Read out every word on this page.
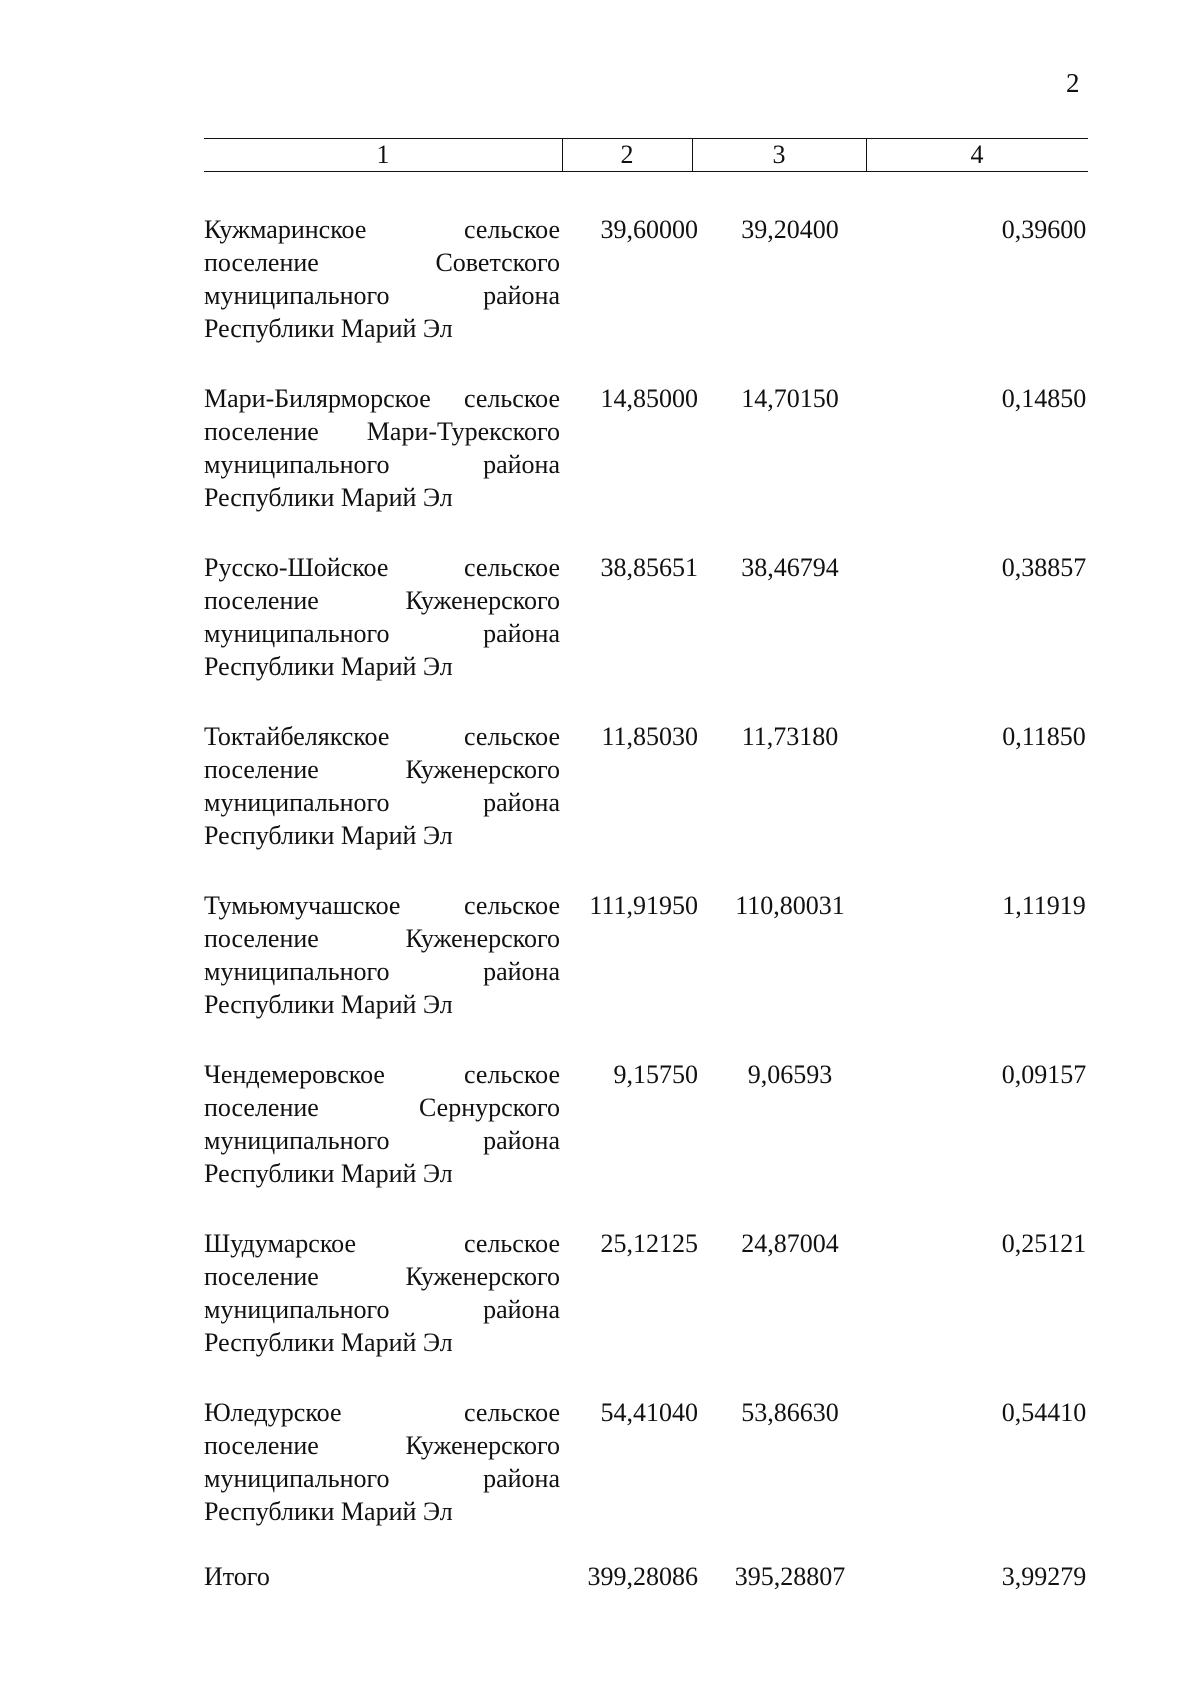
2
1	2	3	4
Кужмаринское	сельское
поселение	Советского
муниципального	района
Республики Марий Эл
39,60000	39,20400	0,39600
Мари-Билярморское сельское
поселение Мари-Турекского
муниципального	района
Республики Марий Эл
14,85000	14,70150	0,14850
Русско-Шойское	сельское
поселение	Куженерского
муниципального	района
Республики Марий Эл
38,85651	38,46794	0,38857
Токтайбелякское	сельское
поселение	Куженерского
муниципального	района
Республики Марий Эл
11,85030	11,73180	0,11850
Тумьюмучашское сельское
поселение	Куженерского
муниципального	района
Республики Марий Эл
111,91950	110,80031	1,11919
Чендемеровское	сельское
поселение	Сернурского
муниципального	района
Республики Марий Эл
9,15750	9,06593	0,09157
Шудумарское	сельское
поселение	Куженерского
муниципального	района
Республики Марий Эл
25,12125	24,87004	0,25121
Юледурское	сельское
поселение	Куженерского
муниципального	района
Республики Марий Эл
54,41040	53,86630	0,54410
Итого	399,28086	395,28807	3,99279
